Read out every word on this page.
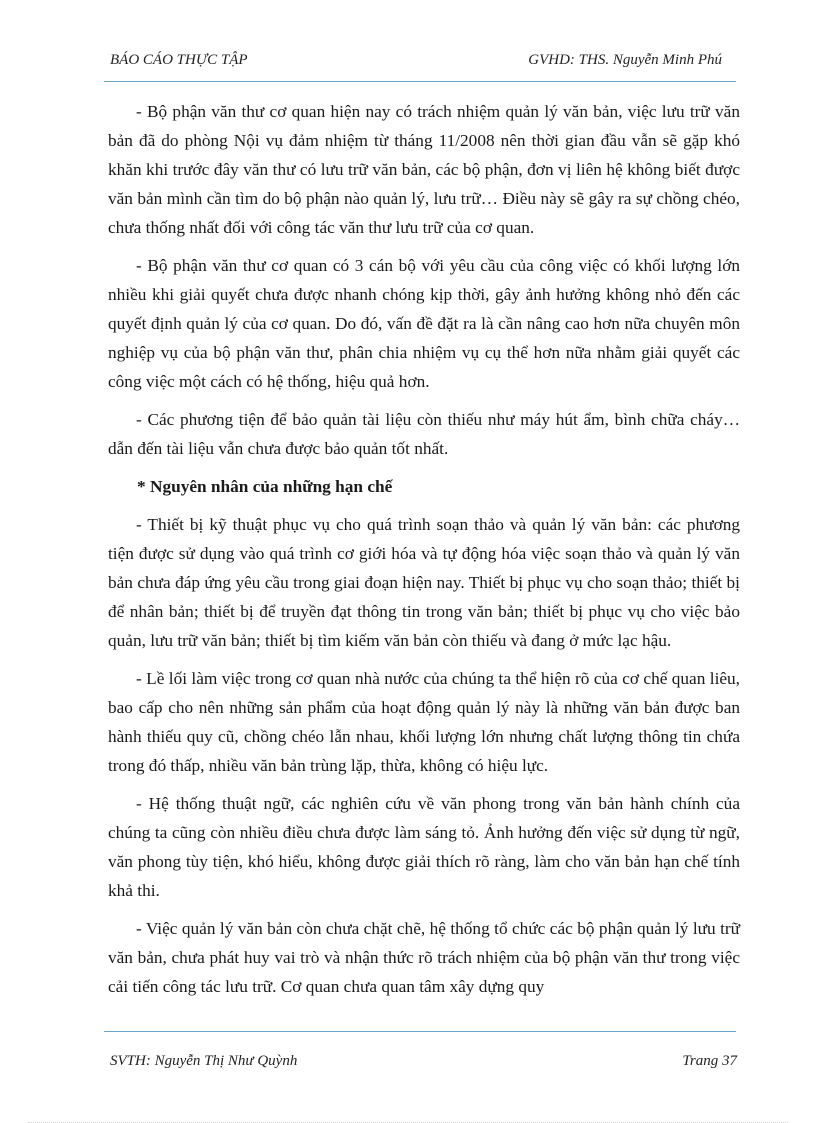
BÁO CÁO THỰC TẬP	GVHD: THS. Nguyễn Minh Phú

- Bộ phận văn thư cơ quan hiện nay có trách nhiệm quản lý văn bản, việc lưu trữ văn bản đã do phòng Nội vụ đảm nhiệm từ tháng 11/2008 nên thời gian đầu vẫn sẽ gặp khó khăn khi trước đây văn thư có lưu trữ văn bản, các bộ phận, đơn vị liên hệ không biết được văn bản mình cần tìm do bộ phận nào quản lý, lưu trữ… Điều này sẽ gây ra sự chồng chéo, chưa thống nhất đối với công tác văn thư lưu trữ của cơ quan.

- Bộ phận văn thư cơ quan có 3 cán bộ với yêu cầu của công việc có khối lượng lớn nhiều khi giải quyết chưa được nhanh chóng kịp thời, gây ảnh hưởng không nhỏ đến các quyết định quản lý của cơ quan. Do đó, vấn đề đặt ra là cần nâng cao hơn nữa chuyên môn nghiệp vụ của bộ phận văn thư, phân chia nhiệm vụ cụ thể hơn nữa nhằm giải quyết các công việc một cách có hệ thống, hiệu quả hơn.

- Các phương tiện để bảo quản tài liệu còn thiếu như máy hút ẩm, bình chữa cháy… dẫn đến tài liệu vẫn chưa được bảo quản tốt nhất.

* Nguyên nhân của những hạn chế

- Thiết bị kỹ thuật phục vụ cho quá trình soạn thảo và quản lý văn bản: các phương tiện được sử dụng vào quá trình cơ giới hóa và tự động hóa việc soạn thảo và quản lý văn bản chưa đáp ứng yêu cầu trong giai đoạn hiện nay. Thiết bị phục vụ cho soạn thảo; thiết bị để nhân bản; thiết bị để truyền đạt thông tin trong văn bản; thiết bị phục vụ cho việc bảo quản, lưu trữ văn bản; thiết bị tìm kiếm văn bản còn thiếu và đang ở mức lạc hậu.

- Lề lối làm việc trong cơ quan nhà nước của chúng ta thể hiện rõ của cơ chế quan liêu, bao cấp cho nên những sản phẩm của hoạt động quản lý này là những văn bản được ban hành thiếu quy cũ, chồng chéo lẫn nhau, khối lượng lớn nhưng chất lượng thông tin chứa trong đó thấp, nhiều văn bản trùng lặp, thừa, không có hiệu lực.

- Hệ thống thuật ngữ, các nghiên cứu về văn phong trong văn bản hành chính của chúng ta cũng còn nhiều điều chưa được làm sáng tỏ. Ảnh hưởng đến việc sử dụng từ ngữ, văn phong tùy tiện, khó hiểu, không được giải thích rõ ràng, làm cho văn bản hạn chế tính khả thi.

- Việc quản lý văn bản còn chưa chặt chẽ, hệ thống tổ chức các bộ phận quản lý lưu trữ văn bản, chưa phát huy vai trò và nhận thức rõ trách nhiệm của bộ phận văn thư trong việc cải tiến công tác lưu trữ. Cơ quan chưa quan tâm xây dựng quy

SVTH: Nguyễn Thị Như Quỳnh	Trang 37
